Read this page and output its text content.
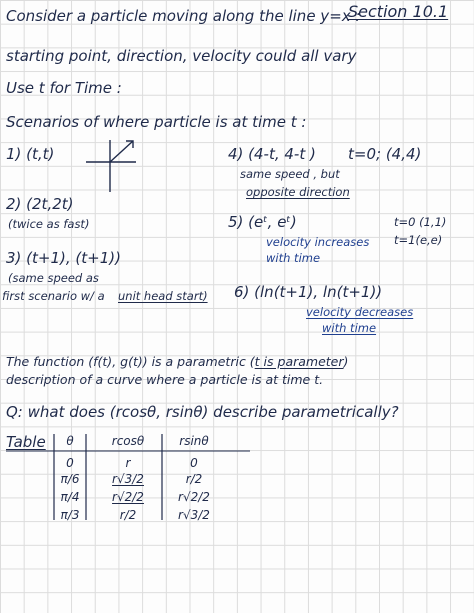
Consider a particle moving along the line y=x :
Section 10.1
starting point, direction, velocity could all vary
Use t for Time :
Scenarios of where particle is at time t :
1) (t,t)
2) (2t,2t)
(twice as fast)
3) (t+1), (t+1))
(same speed as
first scenario w/ a unit head start)
4) (4-t, 4-t ) t=0; (4,4)
same speed , but
opposite direction
5) (eᵗ, eᵗ)	t=0 (1,1)
t=1(e,e)
velocity increases
with time
6) (ln(t+1), ln(t+1))
velocity decreases
with time
The function (f(t), g(t)) is a parametric (t is parameter)
description of a curve where a particle is at time t.
Q: what does (rcosθ, rsinθ) describe parametrically?
Table	θ	rcosθ	rsinθ
0	r	0
π/6	r√3/2	r/2
π/4	r√2/2	r√2/2
π/3	r/2	r√3/2
